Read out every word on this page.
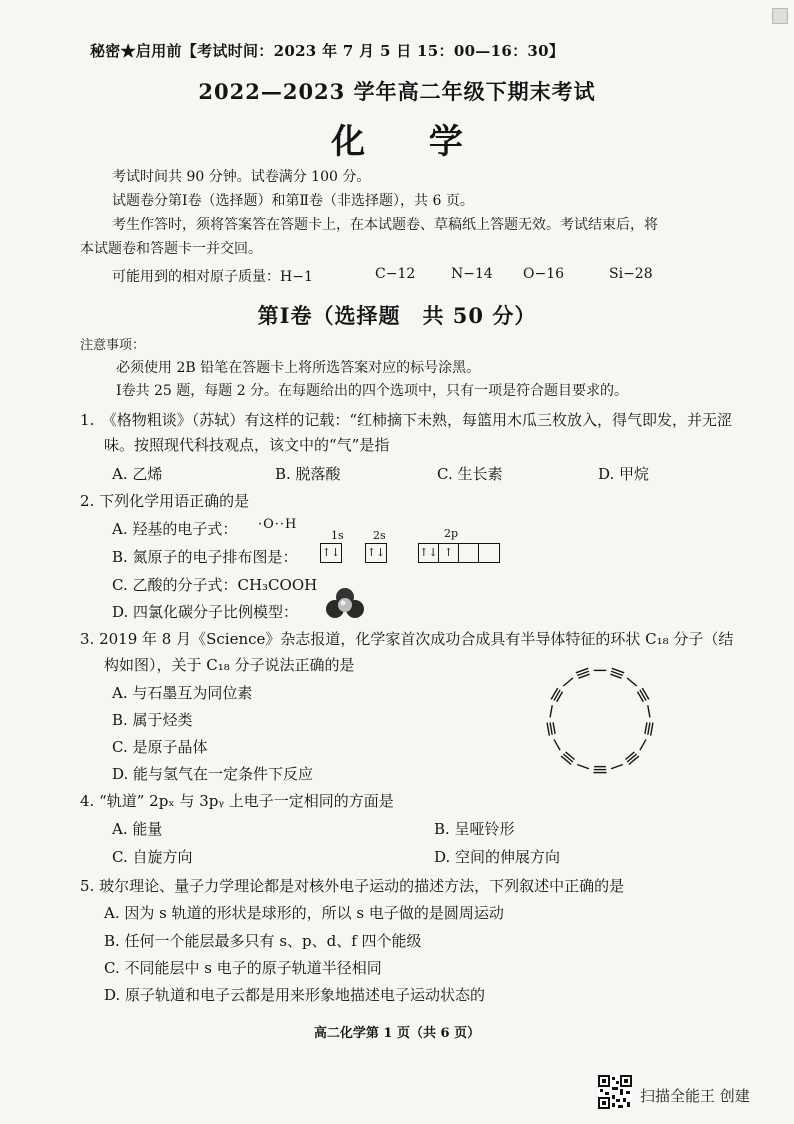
秘密★启用前【考试时间：2023 年 7 月 5 日 15：00—16：30】
2022—2023 学年高二年级下期末考试
化 学
考试时间共 90 分钟。试卷满分 100 分。
试题卷分第Ⅰ卷（选择题）和第Ⅱ卷（非选择题），共 6 页。
考生作答时，须将答案答在答题卡上，在本试题卷、草稿纸上答题无效。考试结束后，将
本试题卷和答题卡一并交回。
可能用到的相对原子质量：H−1	C−12	N−14 O−16	Si−28
第Ⅰ卷（选择题　共 50 分）
注意事项：
必须使用 2B 铅笔在答题卡上将所选答案对应的标号涂黑。
Ⅰ卷共 25 题，每题 2 分。在每题给出的四个选项中，只有一项是符合题目要求的。
1.　《格物粗谈》（苏轼）有这样的记载：“红柿摘下未熟，每篮用木瓜三枚放入，得气即发，并无涩
味。按照现代科技观点，该文中的“气”是指
A. 乙烯	B. 脱落酸	C. 生长素	D. 甲烷
2. 下列化学用语正确的是
A. 羟基的电子式： ·O··H
B. 氮原子的电子排布图是：
1s	2s	2p
↑↓ ↑↓	↑↓ ↑
C. 乙酸的分子式：CH₃COOH
D. 四氯化碳分子比例模型：
3. 2019 年 8 月《Science》杂志报道，化学家首次成功合成具有半导体特征的环状 C₁₈ 分子（结
构如图），关于 C₁₈ 分子说法正确的是
A. 与石墨互为同位素
B. 属于烃类
C. 是原子晶体
D. 能与氢气在一定条件下反应
4. “轨道” 2pₓ 与 3pᵧ 上电子一定相同的方面是
A. 能量	B. 呈哑铃形
C. 自旋方向	D. 空间的伸展方向
5. 玻尔理论、量子力学理论都是对核外电子运动的描述方法，下列叙述中正确的是
A. 因为 s 轨道的形状是球形的，所以 s 电子做的是圆周运动
B. 任何一个能层最多只有 s、p、d、f 四个能级
C. 不同能层中 s 电子的原子轨道半径相同
D. 原子轨道和电子云都是用来形象地描述电子运动状态的
高二化学第 1 页（共 6 页）
扫描全能王 创建
